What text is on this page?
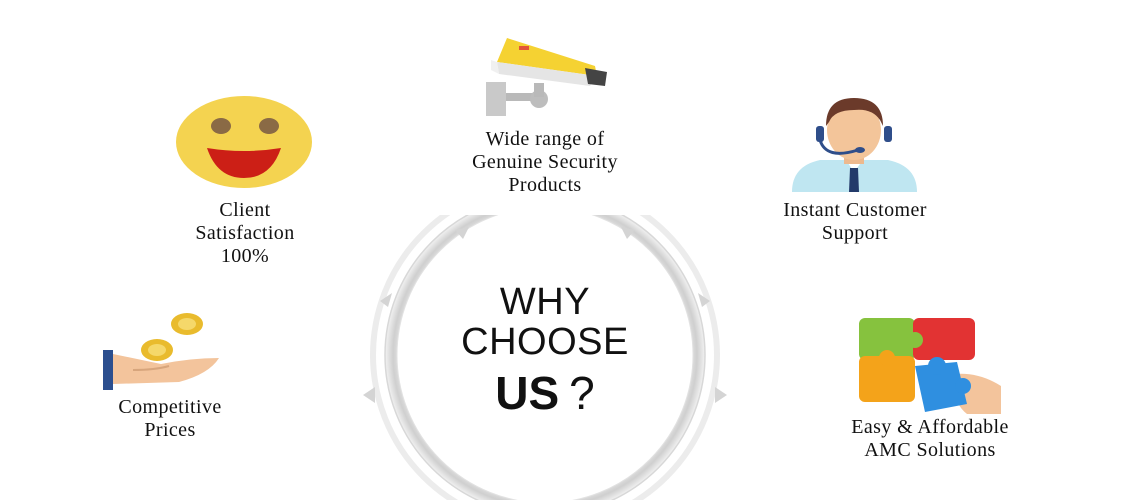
WHY
CHOOSE
US ?
Wide range of
Genuine Security
Products
Client
Satisfaction
100%
Instant Customer
Support
Competitive
Prices	Easy & Affordable
AMC Solutions
